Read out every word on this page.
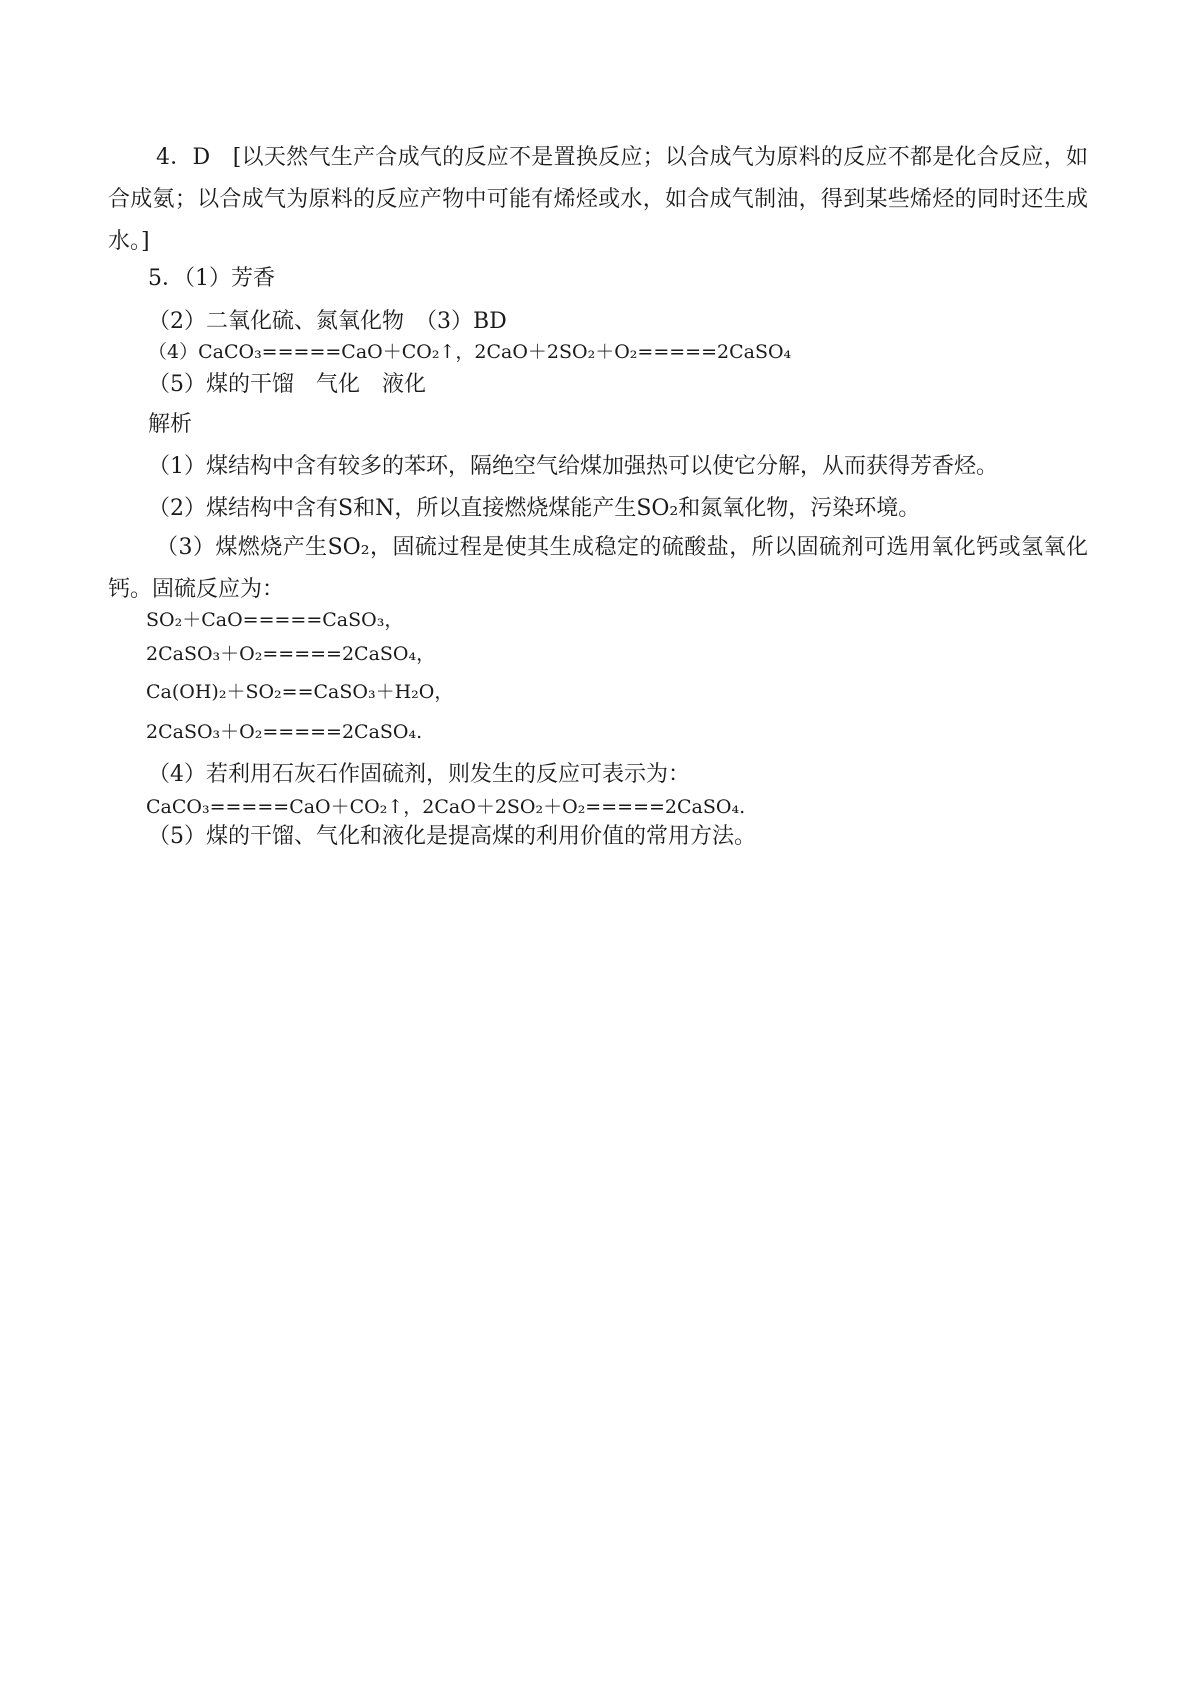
4．D　[以天然气生产合成气的反应不是置换反应；以合成气为原料的反应不都是化合反应，如合成氨；以合成气为原料的反应产物中可能有烯烃或水，如合成气制油，得到某些烯烃的同时还生成水。]
5．（1）芳香
（2）二氧化硫、氮氧化物　（3）BD
（4）CaCO₃=====CaO＋CO₂↑，2CaO＋2SO₂＋O₂=====2CaSO₄
（5）煤的干馏　气化　液化
解析
（1）煤结构中含有较多的苯环，隔绝空气给煤加强热可以使它分解，从而获得芳香烃。
（2）煤结构中含有S和N，所以直接燃烧煤能产生SO₂和氮氧化物，污染环境。
（3）煤燃烧产生SO₂，固硫过程是使其生成稳定的硫酸盐，所以固硫剂可选用氧化钙或氢氧化钙。固硫反应为：
SO₂＋CaO=====CaSO₃，
2CaSO₃＋O₂=====2CaSO₄，
Ca(OH)₂＋SO₂==CaSO₃＋H₂O，
2CaSO₃＋O₂=====2CaSO₄.
（4）若利用石灰石作固硫剂，则发生的反应可表示为：
CaCO₃=====CaO＋CO₂↑，2CaO＋2SO₂＋O₂=====2CaSO₄.
（5）煤的干馏、气化和液化是提高煤的利用价值的常用方法。
